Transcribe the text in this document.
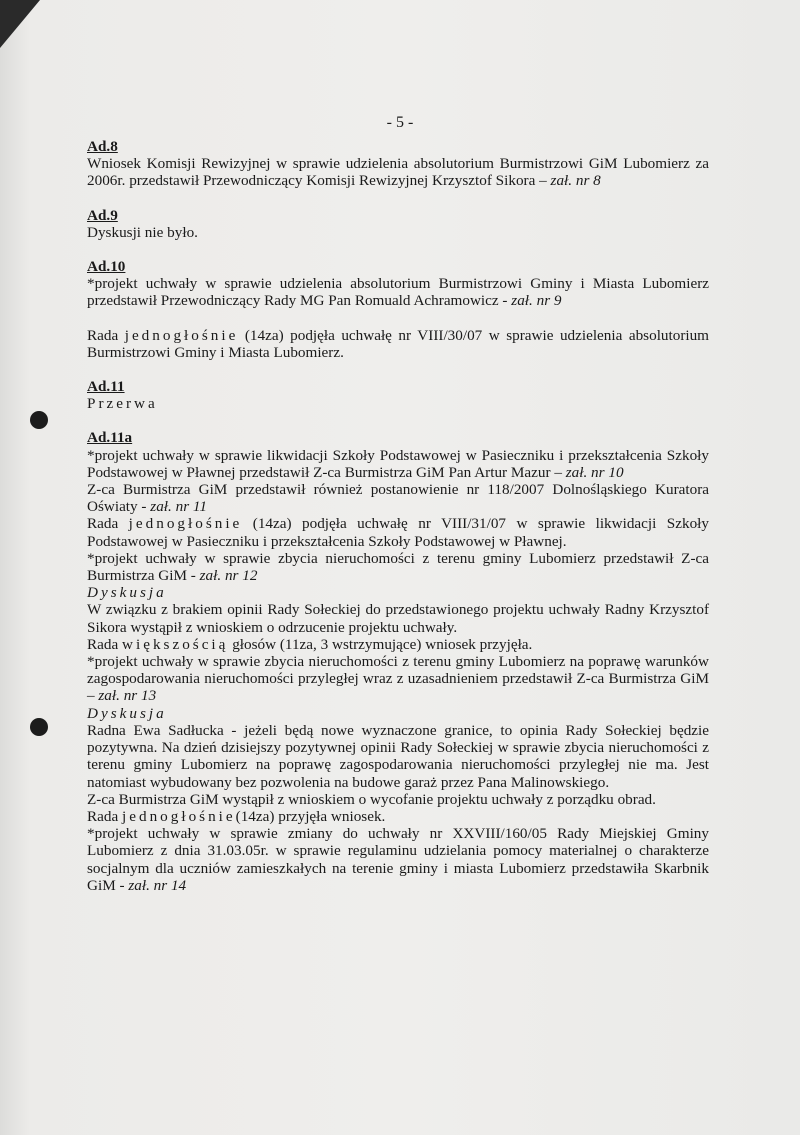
- 5 -

Ad.8

Wniosek Komisji Rewizyjnej w sprawie udzielenia absolutorium Burmistrzowi GiM Lubomierz za 2006r. przedstawił Przewodniczący Komisji Rewizyjnej Krzysztof Sikora – zał. nr 8

Ad.9

Dyskusji nie było.

Ad.10

*projekt uchwały w sprawie udzielenia absolutorium Burmistrzowi Gminy i Miasta Lubomierz przedstawił Przewodniczący Rady MG Pan Romuald Achramowicz - zał. nr 9

Rada jednogłośnie (14za) podjęła uchwałę nr VIII/30/07 w sprawie udzielenia absolutorium Burmistrzowi Gminy i Miasta Lubomierz.

Ad.11

Przerwa

Ad.11a

*projekt uchwały w sprawie likwidacji Szkoły Podstawowej w Pasieczniku i przekształcenia Szkoły Podstawowej w Pławnej przedstawił Z-ca Burmistrza GiM Pan Artur Mazur – zał. nr 10

Z-ca Burmistrza GiM przedstawił również postanowienie nr 118/2007 Dolnośląskiego Kuratora Oświaty - zał. nr 11

Rada jednogłośnie (14za) podjęła uchwałę nr VIII/31/07 w sprawie likwidacji Szkoły Podstawowej w Pasieczniku i przekształcenia Szkoły Podstawowej w Pławnej.

*projekt uchwały w sprawie zbycia nieruchomości z terenu gminy Lubomierz przedstawił Z-ca Burmistrza GiM - zał. nr 12

Dyskusja

W związku z brakiem opinii Rady Sołeckiej do przedstawionego projektu uchwały Radny Krzysztof Sikora wystąpił z wnioskiem o odrzucenie projektu uchwały.

Rada większością głosów (11za, 3 wstrzymujące) wniosek przyjęła.

*projekt uchwały w sprawie zbycia nieruchomości z terenu gminy Lubomierz na poprawę warunków zagospodarowania nieruchomości przyległej wraz z uzasadnieniem przedstawił Z-ca Burmistrza GiM – zał. nr 13

Dyskusja

Radna Ewa Sadłucka - jeżeli będą nowe wyznaczone granice, to opinia Rady Sołeckiej będzie pozytywna. Na dzień dzisiejszy pozytywnej opinii Rady Sołeckiej w sprawie zbycia nieruchomości z terenu gminy Lubomierz na poprawę zagospodarowania nieruchomości przyległej nie ma. Jest natomiast wybudowany bez pozwolenia na budowe garaż przez Pana Malinowskiego.

Z-ca Burmistrza GiM wystąpił z wnioskiem o wycofanie projektu uchwały z porządku obrad.

Rada jednogłośnie(14za) przyjęła wniosek.

*projekt uchwały w sprawie zmiany do uchwały nr XXVIII/160/05 Rady Miejskiej Gminy Lubomierz z dnia 31.03.05r. w sprawie regulaminu udzielania pomocy materialnej o charakterze socjalnym dla uczniów zamieszkałych na terenie gminy i miasta Lubomierz przedstawiła Skarbnik GiM - zał. nr 14
